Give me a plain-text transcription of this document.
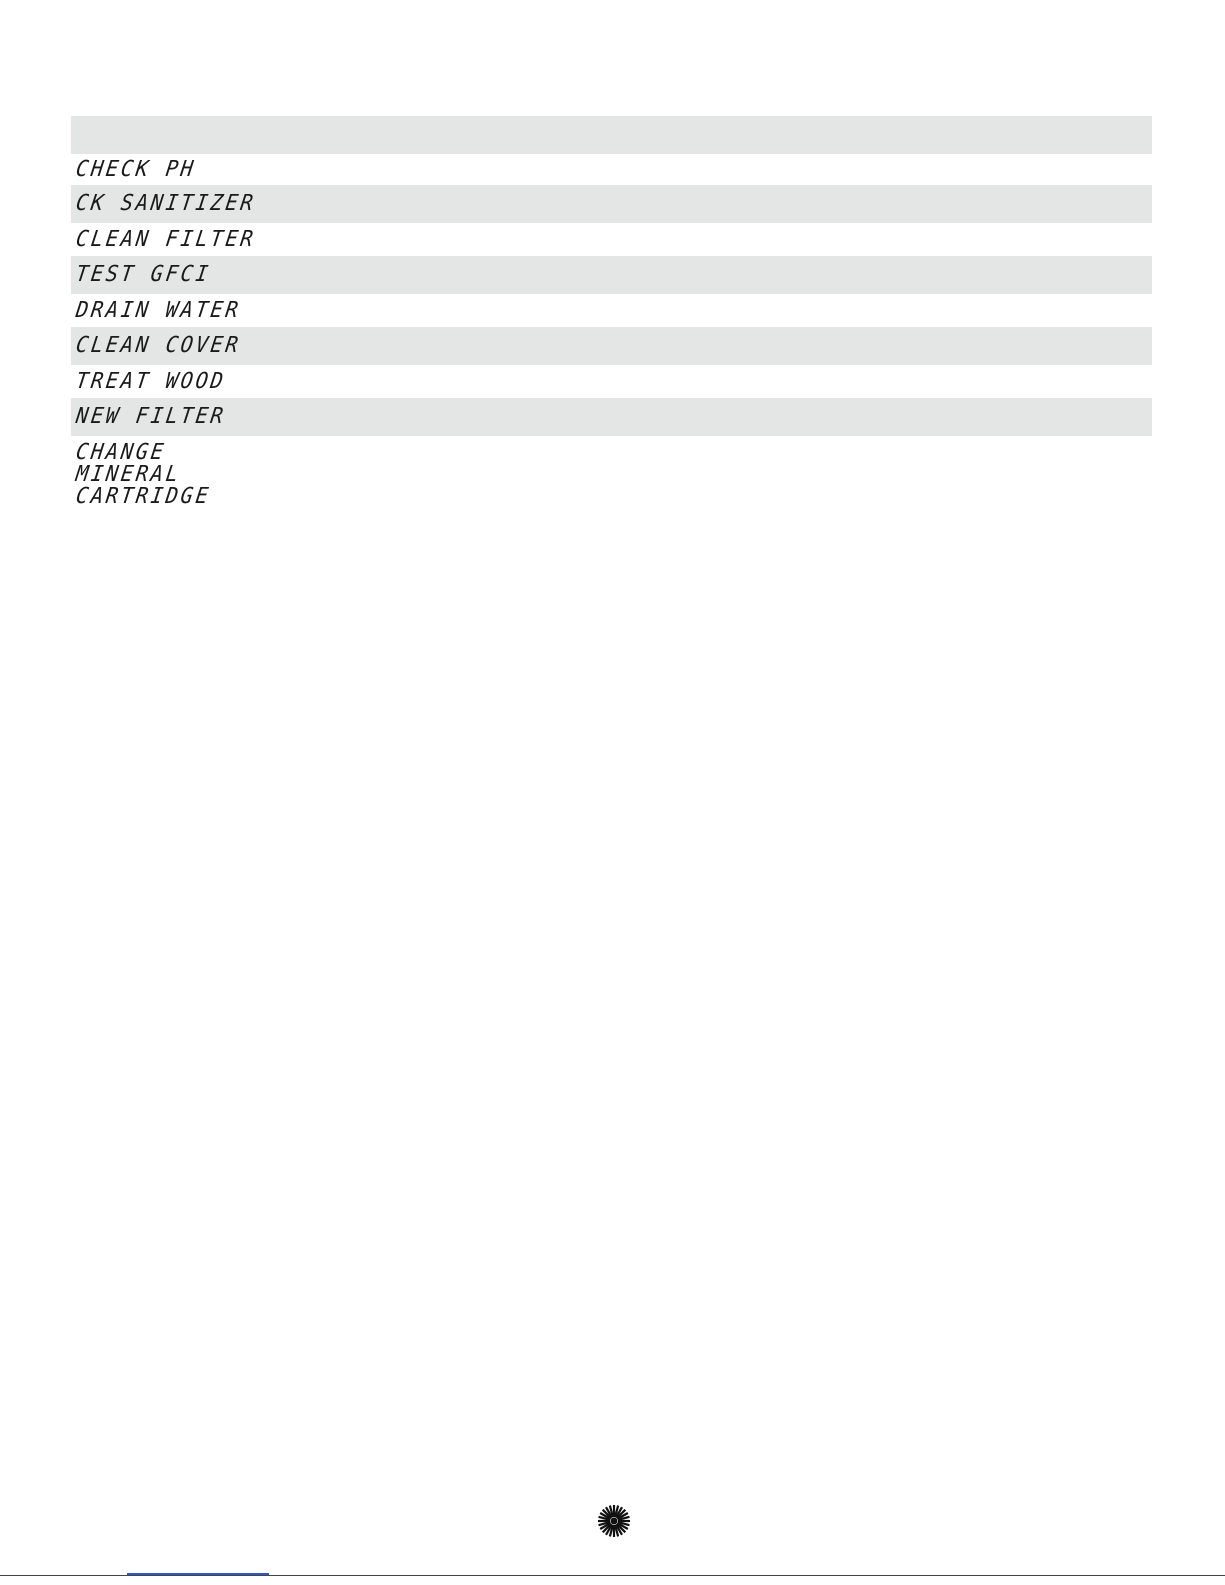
CHECK PH
CK SANITIZER
CLEAN FILTER
TEST GFCI
DRAIN WATER
CLEAN COVER
TREAT WOOD
NEW FILTER
CHANGE
MINERAL
CARTRIDGE
